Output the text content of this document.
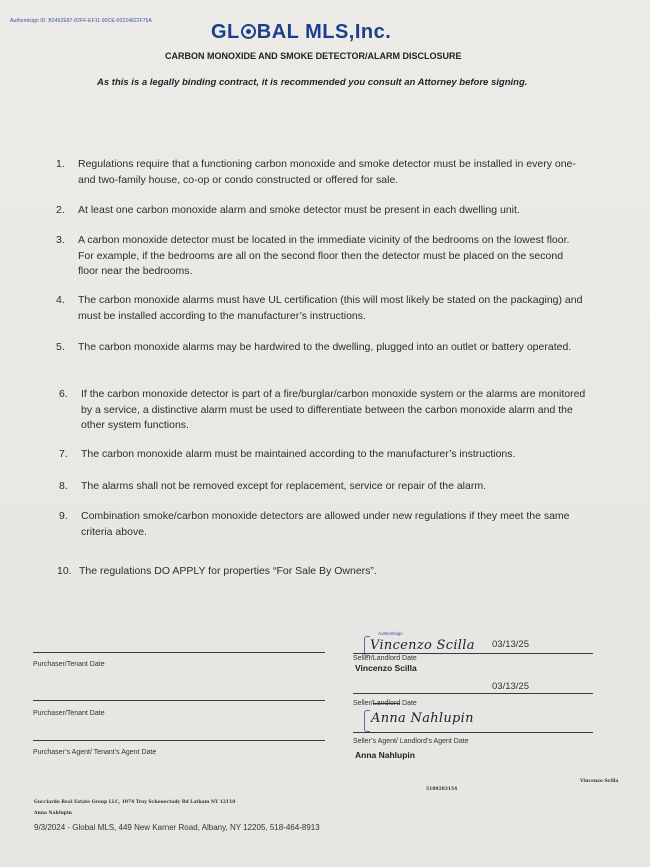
Authentisign ID: B2452E87-82FF-EF11-90CE-00224822F75A	GL BAL MLS,Inc.
CARBON MONOXIDE AND SMOKE DETECTOR/ALARM DISCLOSURE
As this is a legally binding contract, it is recommended you consult an Attorney before signing.
1.	Regulations require that a functioning carbon monoxide and smoke detector must be installed in every one- and two-family house, co-op or condo constructed or offered for sale.
2.	At least one carbon monoxide alarm and smoke detector must be present in each dwelling unit.
3.	A carbon monoxide detector must be located in the immediate vicinity of the bedrooms on the lowest floor. For example, if the bedrooms are all on the second floor then the detector must be placed on the second floor near the bedrooms.
4.	The carbon monoxide alarms must have UL certification (this will most likely be stated on the packaging) and must be installed according to the manufacturer’s instructions.
5.	The carbon monoxide alarms may be hardwired to the dwelling, plugged into an outlet or battery operated.
6.	If the carbon monoxide detector is part of a fire/burglar/carbon monoxide system or the alarms are monitored by a service, a distinctive alarm must be used to differentiate between the carbon monoxide alarm and the other system functions.
7.	The carbon monoxide alarm must be maintained according to the manufacturer’s instructions.
8.	The alarms shall not be removed except for replacement, service or repair of the alarm.
9.	Combination smoke/carbon monoxide detectors are allowed under new regulations if they meet the same criteria above.
10. The regulations DO APPLY for properties “For Sale By Owners”.
Purchaser/Tenant Date
Purchaser/Tenant Date
Purchaser’s Agent/ Tenant’s Agent Date
Authentisign
Vincenzo Scilla 03/13/25
Seller/Landlord Date
Vincenzo Scilla
03/13/25
Seller/Landlord Date
Anna Nahlupin
Seller’s Agent/ Landlord’s Agent Date
Anna Nahlupin
Gucciardo Real Estate Group LLC, 1074 Troy Schenectady Rd Latham NY 12110
Anna Nahlupin
5189283154
Vincenzo Scilla
9/3/2024 - Global MLS, 449 New Karner Road, Albany, NY 12205, 518-464-8913
